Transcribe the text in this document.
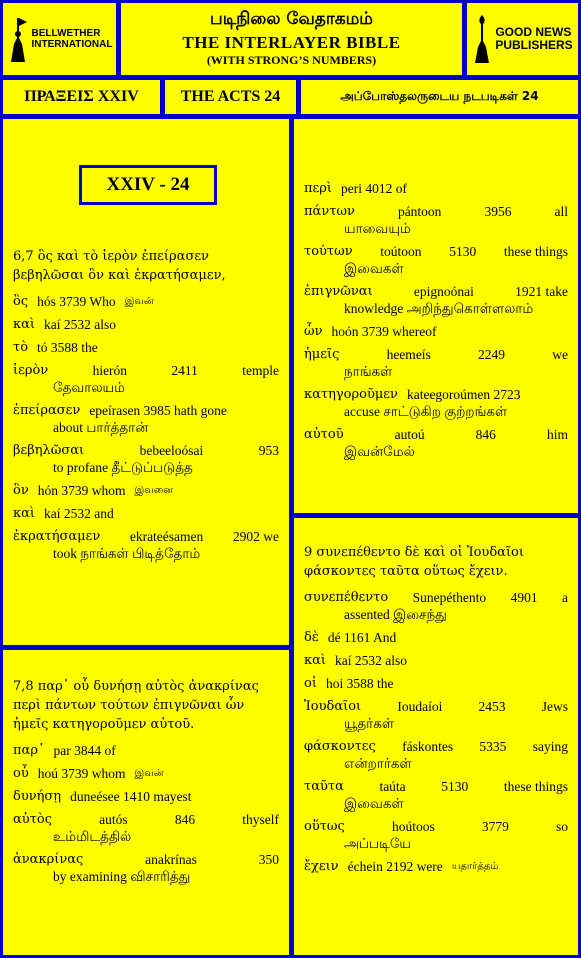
BELLWETHER
INTERNATIONAL
படிநிலை வேதாகமம்
THE INTERLAYER BIBLE
(WITH STRONG’S NUMBERS)
GOOD NEWS
PUBLISHERS
ΠΡΑΞΕΙΣ XXIV	THE ACTS 24	அப்போஸ்தலருடைய நடபடிகள் 24
XXIV - 24
6,7 ὃς καὶ τὸ ἱερὸν ἐπείρασεν βεβηλῶσαι ὃν καὶ ἐκρατήσαμεν,
ὃς hós 3739 Who இவன்
καὶ kaí 2532 also
τὸ tó 3588 the
ἱερὸν	hierón	2411	temple
தேவாலயம்
ἐπείρασεν epeírasen 3985 hath gone
about பார்த்தான்
βεβηλῶσαι	bebeeloósai	953
to profane தீட்டுப்படுத்த
ὃν hón 3739 whom இவனை
καὶ kaí 2532 and
ἐκρατήσαμεν ekrateésamen 2902 we
took நாங்கள் பிடித்தோம்
7,8 παρ᾽ οὗ δυνήσῃ αὐτὸς ἀνακρίνας περὶ πάντων τούτων ἐπιγνῶναι ὧν ἡμεῖς κατηγοροῦμεν αὐτοῦ.
παρ᾽ par 3844 of
οὗ hoú 3739 whom இவன்
δυνήσῃ duneésee 1410 mayest
αὐτὸς	autós	846	thyself
உம்மிடத்தில்
ἀνακρίνας	anakrínas	350
by examining விசாரித்து
περὶ peri 4012 of
πάντων	pántoon	3956	all
யாவையும்
τούτων toútoon 5130 these things
இவைகள்
ἐπιγνῶναι	epignoónai	1921 take
knowledge அறிந்துகொள்ளலாம்
ὧν hoón 3739 whereof
ἡμεῖς	heemeís	2249	we
நாங்கள்
κατηγοροῦμεν kateegoroúmen 2723
accuse சாட்டுகிற குற்றங்கள்
αὐτοῦ	autoú	846	him
இவன்மேல்
9 συνεπέθεντο δὲ καὶ οἱ Ἰουδαῖοι φάσκοντες ταῦτα οὕτως ἔχειν.
συνεπέθεντο Sunepéthento 4901 a
assented இசைந்து
δὲ dé 1161 And
καὶ kaí 2532 also
οἱ hoi 3588 the
Ἰουδαῖοι	Ioudaíoi	2453	Jews
யூதர்கள்
φάσκοντες fáskontes 5335 saying
என்றார்கள்
ταῦτα	taúta	5130	these things
இவைகள்
οὕτως	hoútoos	3779	so
அப்படியே
ἔχειν échein 2192 were யதார்த்தம்
